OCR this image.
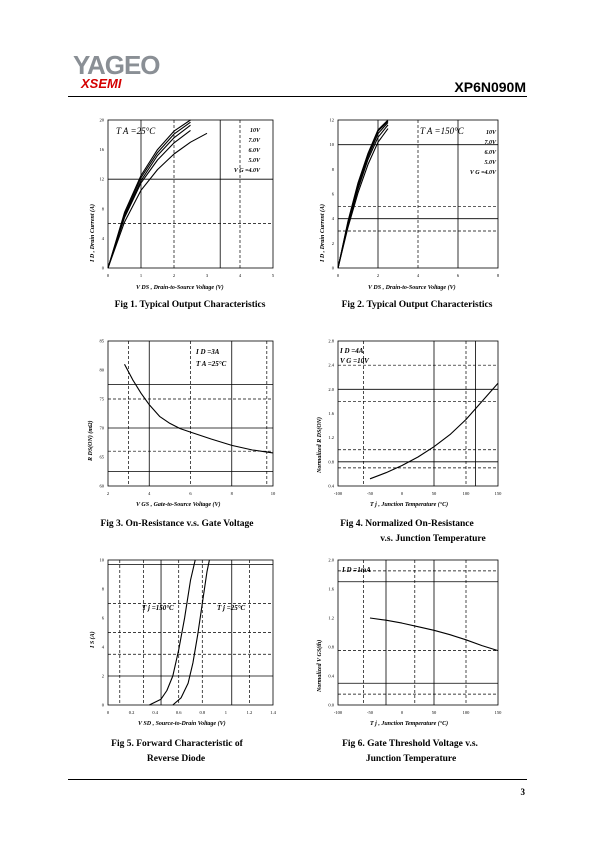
YAGEO
XSEMI	XP6N090M
0	1	2	3	4	5
0
4
8
12
16
20
I D , Drain Current (A)
V DS , Drain-to-Source Voltage (V)
T A =25°C	10V
7.0V
6.0V
5.0V
V G =4.0V
Fig 1. Typical Output Characteristics
0	2	4	6	8
0
2
4
6
8
10
12
I D , Drain Current (A)
V DS , Drain-to-Source Voltage (V)
T A =150°C	10V
7.0V
6.0V
5.0V
V G =4.0V
Fig 2. Typical Output Characteristics
2	4	6	8	10
60
65
70
75
80
85
R DS(ON) (mΩ)
V GS , Gate-to-Source Voltage (V)
I D =3A
T A =25°C
Fig 3. On-Resistance v.s. Gate Voltage
-100	-50	0	50	100	150
0.4
0.8
1.2
1.6
2.0
2.4
2.8
Normalized R DS(ON)
T j , Junction Temperature (°C)
I D =4A
V G =10V
Fig 4. Normalized On-Resistance
v.s. Junction Temperature
0	0.2	0.4	0.6	0.8	1	1.2	1.4
0
2
4
6
8
10
I S (A)
V SD , Source-to-Drain Voltage (V)
T j =150°C	T j =25°C
Fig 5. Forward Characteristic of
Reverse Diode
-100	-50	0	50	100	150
0.0
0.4
0.8
1.2
1.6
2.0
Normalized V GS(th)
T j , Junction Temperature (°C)
I D =1mA
Fig 6. Gate Threshold Voltage v.s.
Junction Temperature
3
